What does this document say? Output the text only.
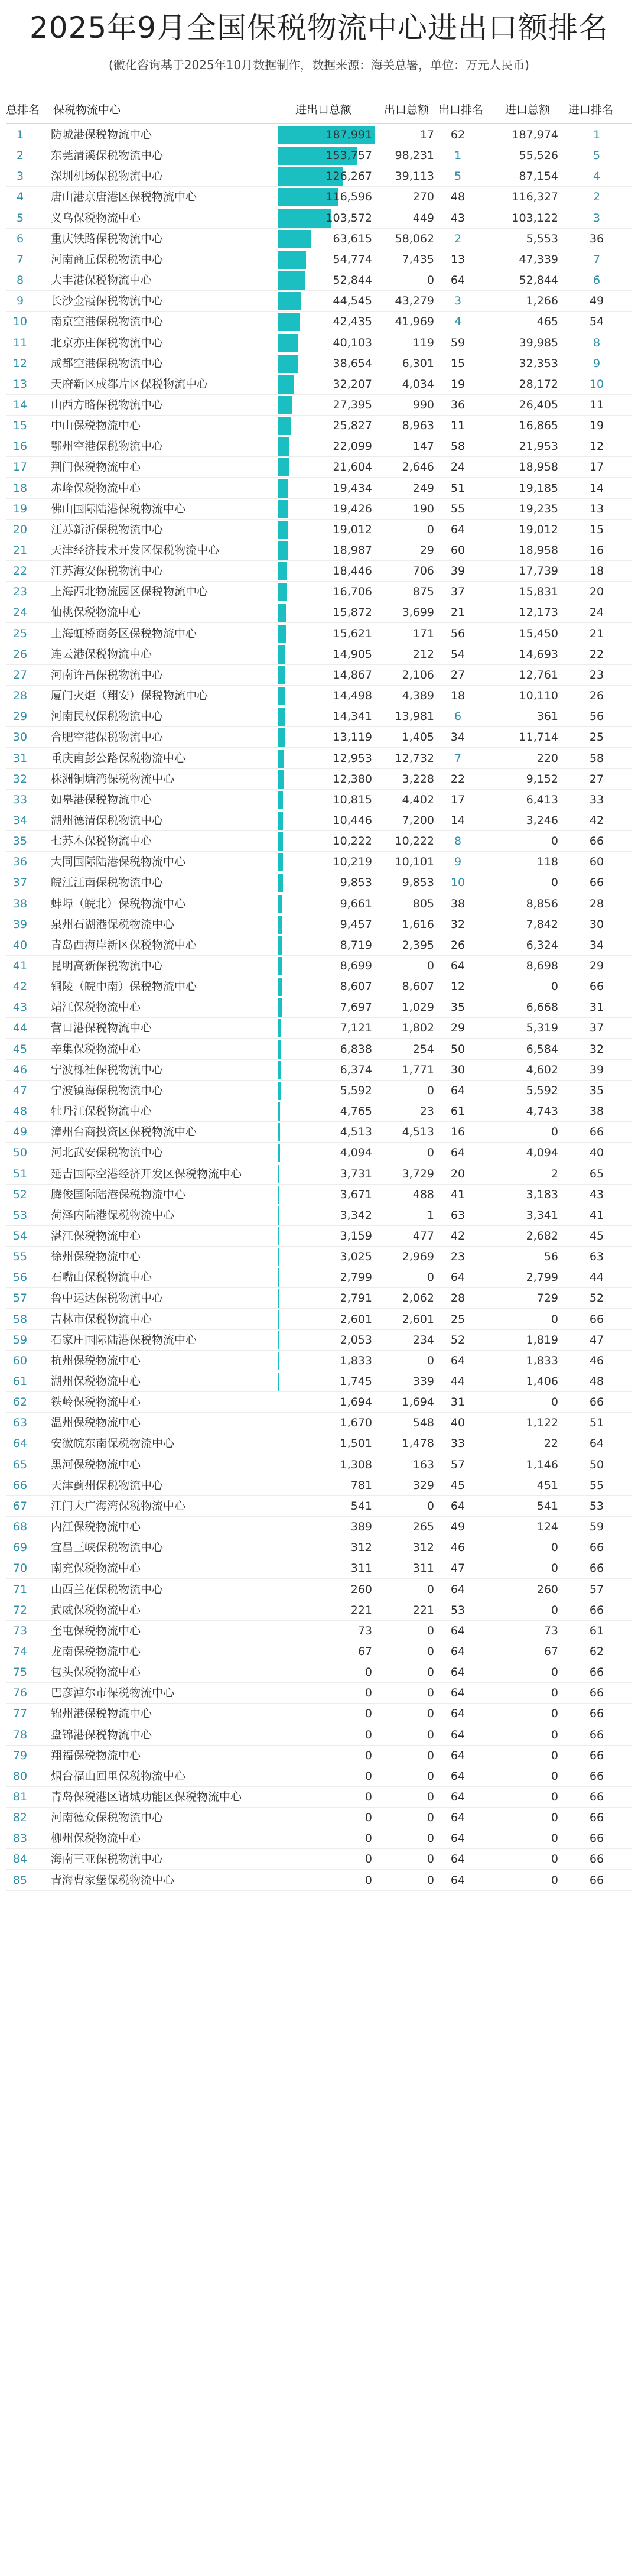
2025年9月全国保税物流中心进出口额排名
(徽化咨询基于2025年10月数据制作，数据来源：海关总署，单位：万元人民币)
总排名 保税物流中心	进出口总额	出口总额 出口排名 进口总额 进口排名
1	防城港保税物流中心	187,991	17	62	187,974	1
2	东莞清溪保税物流中心	153,757	98,231	1	55,526	5
3	深圳机场保税物流中心	126,267	39,113	5	87,154	4
4	唐山港京唐港区保税物流中心	116,596	270	48	116,327	2
5	义乌保税物流中心	103,572	449	43	103,122	3
6	重庆铁路保税物流中心	63,615	58,062	2	5,553	36
7	河南商丘保税物流中心	54,774	7,435	13	47,339	7
8	大丰港保税物流中心	52,844	0	64	52,844	6
9	长沙金霞保税物流中心	44,545	43,279	3	1,266	49
10	南京空港保税物流中心	42,435	41,969	4	465	54
11	北京亦庄保税物流中心	40,103	119	59	39,985	8
12	成都空港保税物流中心	38,654	6,301	15	32,353	9
13	天府新区成都片区保税物流中心	32,207	4,034	19	28,172	10
14	山西方略保税物流中心	27,395	990	36	26,405	11
15	中山保税物流中心	25,827	8,963	11	16,865	19
16	鄂州空港保税物流中心	22,099	147	58	21,953	12
17	荆门保税物流中心	21,604	2,646	24	18,958	17
18	赤峰保税物流中心	19,434	249	51	19,185	14
19	佛山国际陆港保税物流中心	19,426	190	55	19,235	13
20	江苏新沂保税物流中心	19,012	0	64	19,012	15
21	天津经济技术开发区保税物流中心	18,987	29	60	18,958	16
22	江苏海安保税物流中心	18,446	706	39	17,739	18
23	上海西北物流园区保税物流中心	16,706	875	37	15,831	20
24	仙桃保税物流中心	15,872	3,699	21	12,173	24
25	上海虹桥商务区保税物流中心	15,621	171	56	15,450	21
26	连云港保税物流中心	14,905	212	54	14,693	22
27	河南许昌保税物流中心	14,867	2,106	27	12,761	23
28	厦门火炬（翔安）保税物流中心	14,498	4,389	18	10,110	26
29	河南民权保税物流中心	14,341	13,981	6	361	56
30	合肥空港保税物流中心	13,119	1,405	34	11,714	25
31	重庆南彭公路保税物流中心	12,953	12,732	7	220	58
32	株洲铜塘湾保税物流中心	12,380	3,228	22	9,152	27
33	如皋港保税物流中心	10,815	4,402	17	6,413	33
34	湖州德清保税物流中心	10,446	7,200	14	3,246	42
35	七苏木保税物流中心	10,222	10,222	8	0	66
36	大同国际陆港保税物流中心	10,219	10,101	9	118	60
37	皖江江南保税物流中心	9,853	9,853	10	0	66
38	蚌埠（皖北）保税物流中心	9,661	805	38	8,856	28
39	泉州石湖港保税物流中心	9,457	1,616	32	7,842	30
40	青岛西海岸新区保税物流中心	8,719	2,395	26	6,324	34
41	昆明高新保税物流中心	8,699	0	64	8,698	29
42	铜陵（皖中南）保税物流中心	8,607	8,607	12	0	66
43	靖江保税物流中心	7,697	1,029	35	6,668	31
44	营口港保税物流中心	7,121	1,802	29	5,319	37
45	辛集保税物流中心	6,838	254	50	6,584	32
46	宁波栎社保税物流中心	6,374	1,771	30	4,602	39
47	宁波镇海保税物流中心	5,592	0	64	5,592	35
48	牡丹江保税物流中心	4,765	23	61	4,743	38
49	漳州台商投资区保税物流中心	4,513	4,513	16	0	66
50	河北武安保税物流中心	4,094	0	64	4,094	40
51	延吉国际空港经济开发区保税物流中心	3,731	3,729	20	2	65
52	腾俊国际陆港保税物流中心	3,671	488	41	3,183	43
53	菏泽内陆港保税物流中心	3,342	1	63	3,341	41
54	湛江保税物流中心	3,159	477	42	2,682	45
55	徐州保税物流中心	3,025	2,969	23	56	63
56	石嘴山保税物流中心	2,799	0	64	2,799	44
57	鲁中运达保税物流中心	2,791	2,062	28	729	52
58	吉林市保税物流中心	2,601	2,601	25	0	66
59	石家庄国际陆港保税物流中心	2,053	234	52	1,819	47
60	杭州保税物流中心	1,833	0	64	1,833	46
61	湖州保税物流中心	1,745	339	44	1,406	48
62	铁岭保税物流中心	1,694	1,694	31	0	66
63	温州保税物流中心	1,670	548	40	1,122	51
64	安徽皖东南保税物流中心	1,501	1,478	33	22	64
65	黑河保税物流中心	1,308	163	57	1,146	50
66	天津蓟州保税物流中心	781	329	45	451	55
67	江门大广海湾保税物流中心	541	0	64	541	53
68	内江保税物流中心	389	265	49	124	59
69	宜昌三峡保税物流中心	312	312	46	0	66
70	南充保税物流中心	311	311	47	0	66
71	山西兰花保税物流中心	260	0	64	260	57
72	武威保税物流中心	221	221	53	0	66
73	奎屯保税物流中心	73	0	64	73	61
74	龙南保税物流中心	67	0	64	67	62
75	包头保税物流中心	0	0	64	0	66
76	巴彦淖尔市保税物流中心	0	0	64	0	66
77	锦州港保税物流中心	0	0	64	0	66
78	盘锦港保税物流中心	0	0	64	0	66
79	翔福保税物流中心	0	0	64	0	66
80	烟台福山回里保税物流中心	0	0	64	0	66
81	青岛保税港区诸城功能区保税物流中心	0	0	64	0	66
82	河南德众保税物流中心	0	0	64	0	66
83	柳州保税物流中心	0	0	64	0	66
84	海南三亚保税物流中心	0	0	64	0	66
85	青海曹家堡保税物流中心	0	0	64	0	66
